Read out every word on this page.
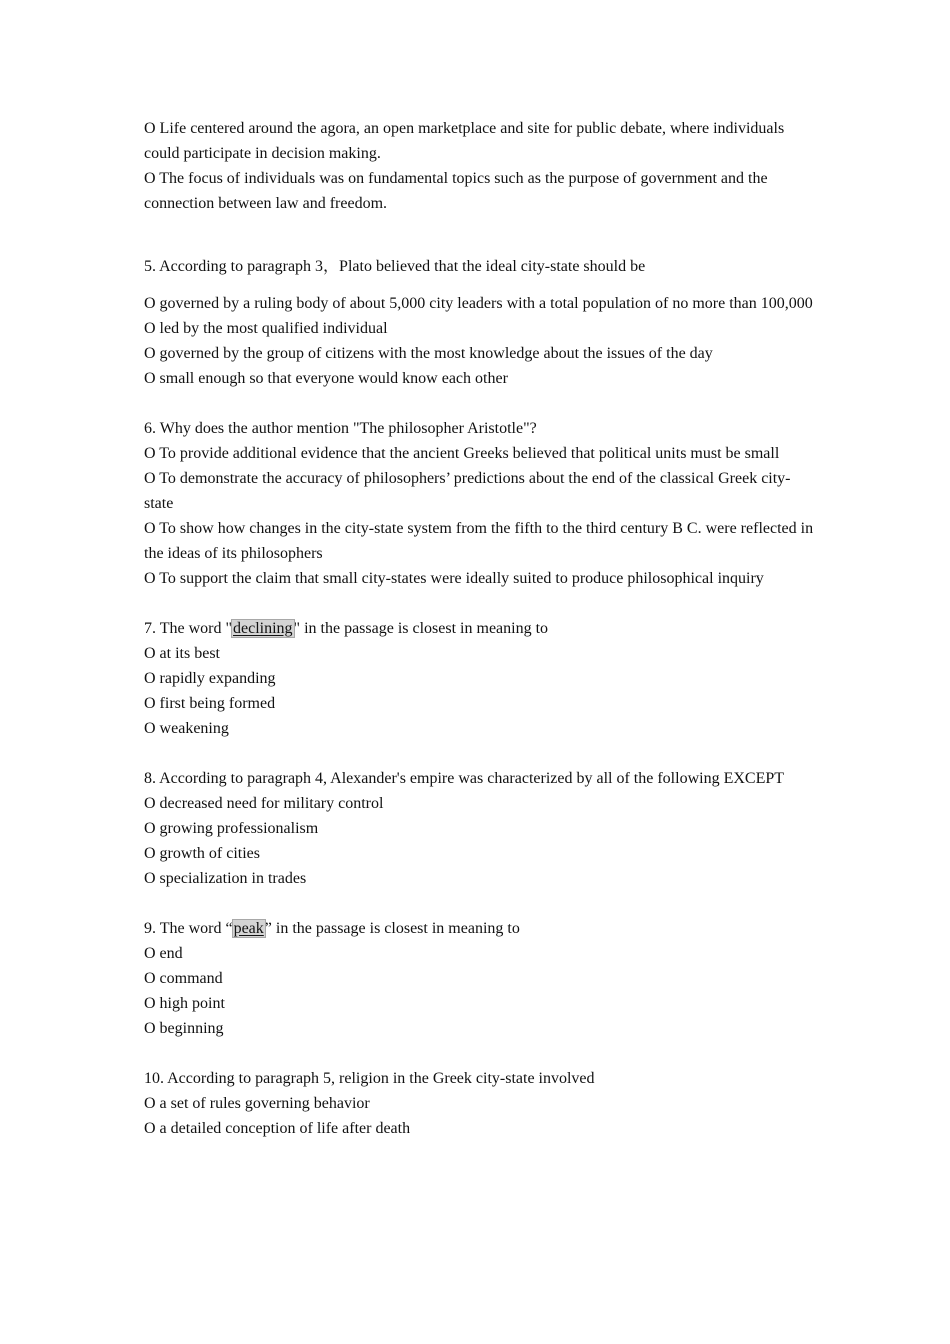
O Life centered around the agora, an open marketplace and site for public debate, where individuals could participate in decision making.
O The focus of individuals was on fundamental topics such as the purpose of government and the connection between law and freedom.
5. According to paragraph 3，Plato believed that the ideal city-state should be
O governed by a ruling body of about 5,000 city leaders with a total population of no more than 100,000
O led by the most qualified individual
O governed by the group of citizens with the most knowledge about the issues of the day
O small enough so that everyone would know each other
6. Why does the author mention "The philosopher Aristotle"?
O To provide additional evidence that the ancient Greeks believed that political units must be small
O To demonstrate the accuracy of philosophers’ predictions about the end of the classical Greek city-state
O To show how changes in the city-state system from the fifth to the third century B C. were reflected in the ideas of its philosophers
O To support the claim that small city-states were ideally suited to produce philosophical inquiry
7. The word "declining" in the passage is closest in meaning to
O at its best
O rapidly expanding
O first being formed
O weakening
8. According to paragraph 4, Alexander's empire was characterized by all of the following EXCEPT
O decreased need for military control
O growing professionalism
O growth of cities
O specialization in trades
9. The word “peak” in the passage is closest in meaning to
O end
O command
O high point
O beginning
10. According to paragraph 5, religion in the Greek city-state involved
O a set of rules governing behavior
O a detailed conception of life after death
